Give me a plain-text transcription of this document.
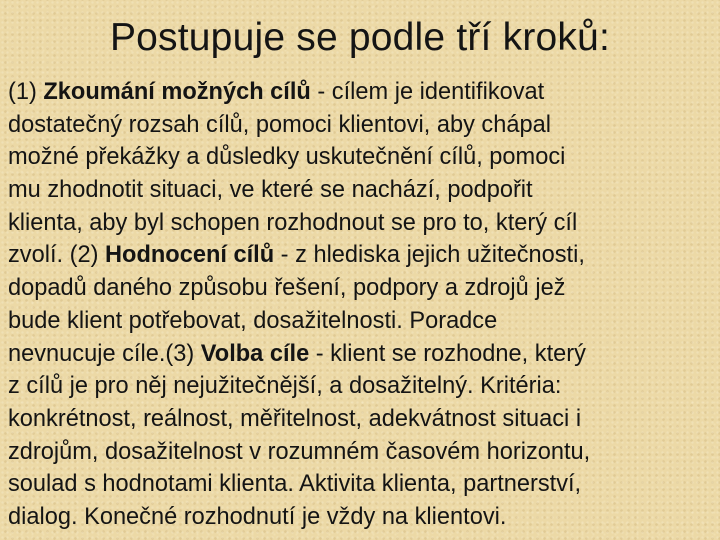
Postupuje se podle tří kroků:
(1) Zkoumání možných cílů - cílem je identifikovat
dostatečný rozsah cílů, pomoci klientovi, aby chápal
možné překážky a důsledky uskutečnění cílů, pomoci
mu zhodnotit situaci, ve které se nachází, podpořit
klienta, aby byl schopen rozhodnout se pro to, který cíl
zvolí. (2) Hodnocení cílů - z hlediska jejich užitečnosti,
dopadů daného způsobu řešení, podpory a zdrojů jež
bude klient potřebovat, dosažitelnosti. Poradce
nevnucuje cíle.(3) Volba cíle - klient se rozhodne, který
z cílů je pro něj nejužitečnější, a dosažitelný. Kritéria:
konkrétnost, reálnost, měřitelnost, adekvátnost situaci i
zdrojům, dosažitelnost v rozumném časovém horizontu,
soulad s hodnotami klienta. Aktivita klienta, partnerství,
dialog. Konečné rozhodnutí je vždy na klientovi.
